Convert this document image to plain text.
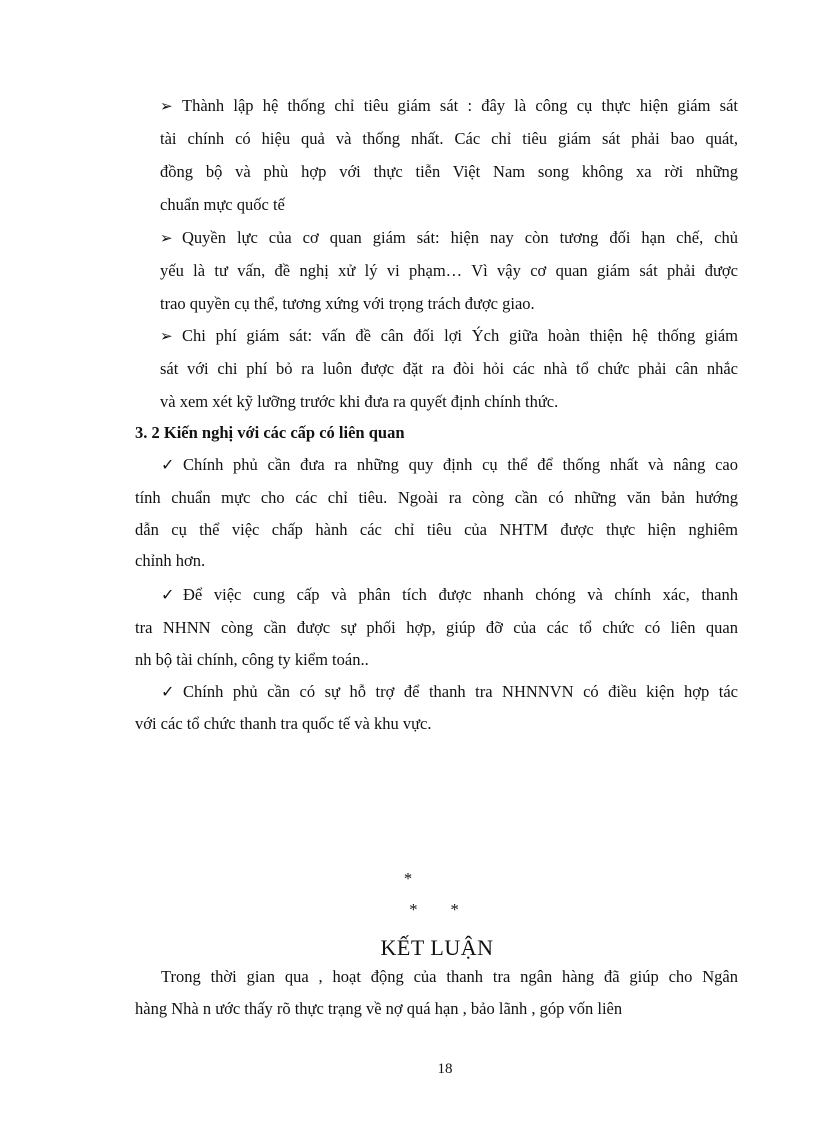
➢ Thành lập hệ thống chỉ tiêu giám sát : đây là công cụ thực hiện giám sát
tài chính có hiệu quả và thống nhất. Các chỉ tiêu giám sát phải bao quát,
đồng bộ và phù hợp với thực tiễn Việt Nam song không xa rời những
chuẩn mực quốc tế
➢ Quyền lực của cơ quan giám sát: hiện nay còn tương đối hạn chế, chủ
yếu là tư vấn, đề nghị xử lý vi phạm… Vì vậy cơ quan giám sát phải được
trao quyền cụ thể, tương xứng với trọng trách được giao.
➢ Chi phí giám sát: vấn đề cân đối lợi Ých giữa hoàn thiện hệ thống giám
sát với chi phí bỏ ra luôn được đặt ra đòi hỏi các nhà tổ chức phải cân nhắc
và xem xét kỹ lưỡng trước khi đưa ra quyết định chính thức.
3. 2 Kiến nghị với các cấp có liên quan
✓ Chính phủ cần đưa ra những quy định cụ thể để thống nhất và nâng cao
tính chuẩn mực cho các chỉ tiêu. Ngoài ra còng cần có những văn bản hướng
dẫn cụ thể việc chấp hành các chỉ tiêu của NHTM được thực hiện nghiêm
chỉnh hơn.
✓ Để việc cung cấp và phân tích được nhanh chóng và chính xác, thanh
tra NHNN còng cần được sự phối hợp, giúp đỡ của các tổ chức có liên quan
nh bộ tài chính, công ty kiểm toán..
✓ Chính phủ cần có sự hỗ trợ để thanh tra NHNNVN có điều kiện hợp tác
với các tổ chức thanh tra quốc tế và khu vực.
*
*        *
KẾT LUẬN
Trong thời gian qua , hoạt động của thanh tra ngân hàng đã giúp cho Ngân
hàng Nhà n ước thấy rõ thực trạng về nợ quá hạn , bảo lãnh , góp vốn liên
18
